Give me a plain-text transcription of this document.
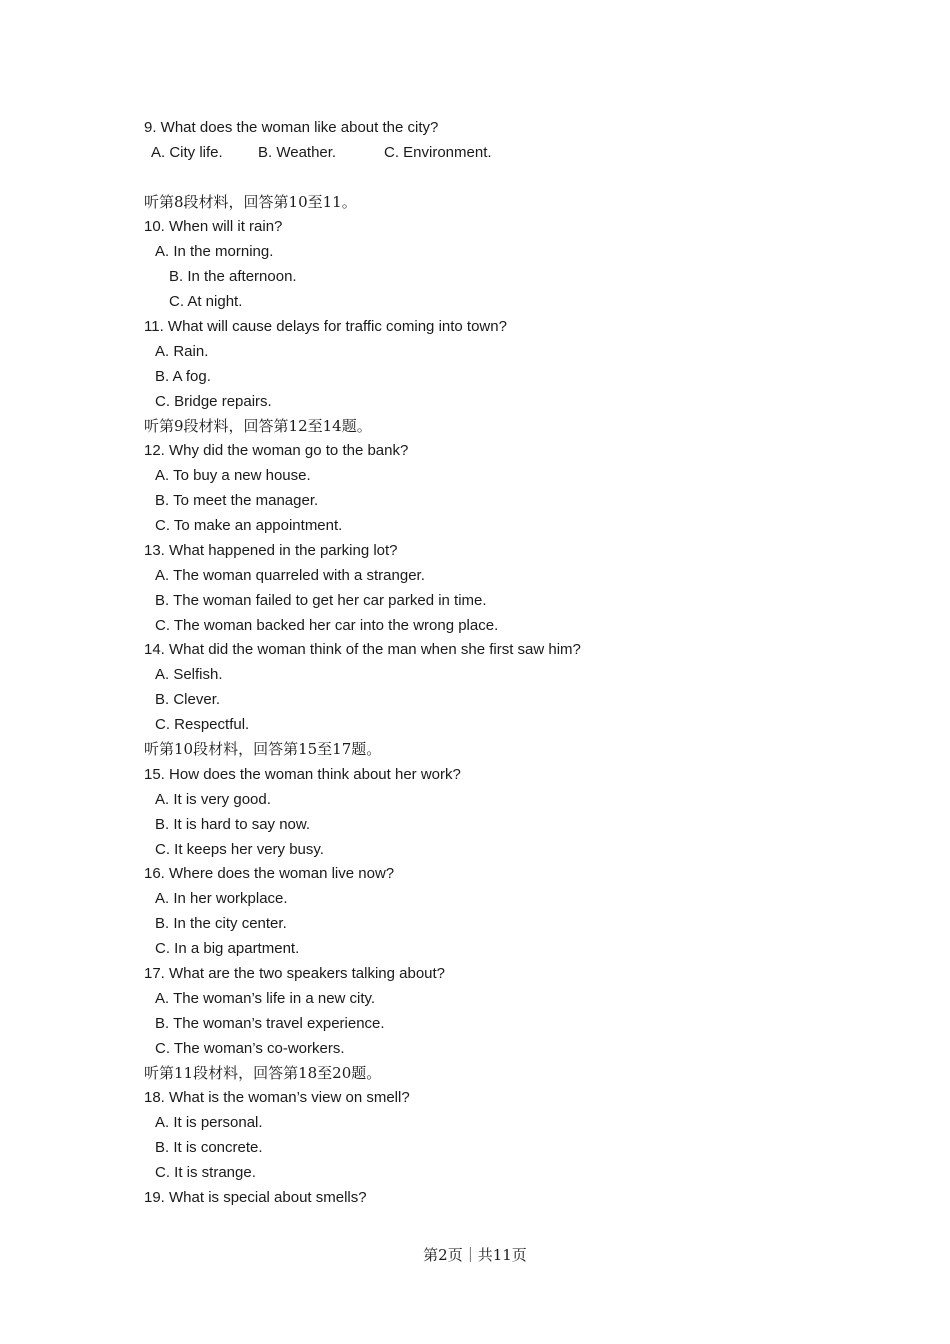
9. What does the woman like about the city?

A. City life.

B. Weather.

	C. Environment.

听第8段材料，回答第10至11。
10. When will it rain?
A. In the morning.
B. In the afternoon.
C. At night.
11. What will cause delays for traffic coming into town?
A. Rain.
B. A fog.
C. Bridge repairs.
听第9段材料，回答第12至14题。
12. Why did the woman go to the bank?
A. To buy a new house.
B. To meet the manager.
C. To make an appointment.
13. What happened in the parking lot?
A. The woman quarreled with a stranger.
B. The woman failed to get her car parked in time.
C. The woman backed her car into the wrong place.
14. What did the woman think of the man when she first saw him?
A. Selfish.
B. Clever.
C. Respectful.
听第10段材料，回答第15至17题。
15. How does the woman think about her work?
A. It is very good.
B. It is hard to say now.
C. It keeps her very busy.
16. Where does the woman live now?
A. In her workplace.
B. In the city center.
C. In a big apartment.
17. What are the two speakers talking about?
A. The woman’s life in a new city.
B. The woman’s travel experience.
C. The woman’s co-workers.
听第11段材料，回答第18至20题。
18. What is the woman’s view on smell?
A. It is personal.
B. It is concrete.
C. It is strange.
19. What is special about smells?
第2页｜共11页
